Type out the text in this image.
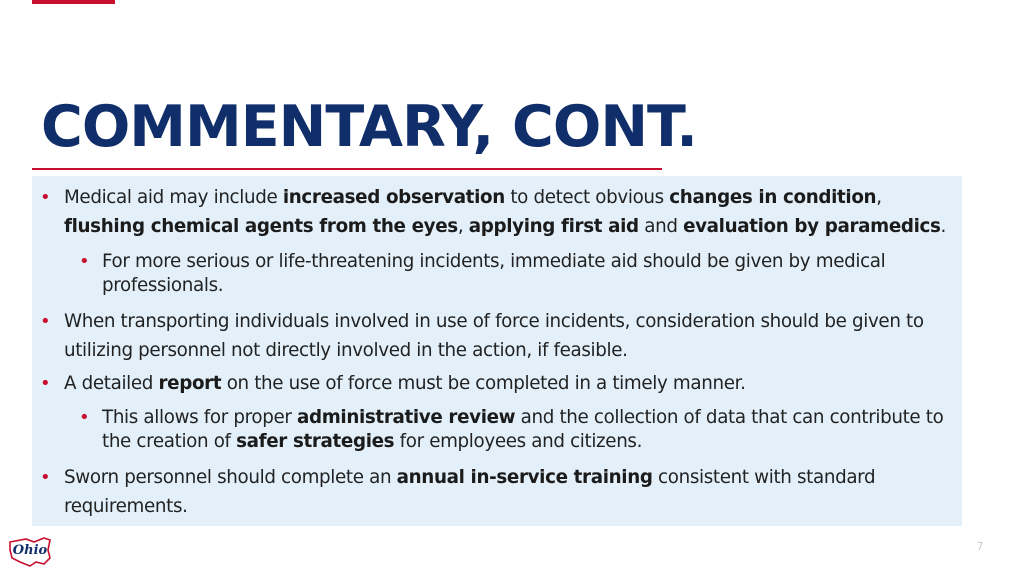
COMMENTARY, CONT.
• Medical aid may include increased observation to detect obvious changes in condition, flushing chemical agents from the eyes, applying first aid and evaluation by paramedics.
• For more serious or life-threatening incidents, immediate aid should be given by medical professionals.
• When transporting individuals involved in use of force incidents, consideration should be given to utilizing personnel not directly involved in the action, if feasible.
• A detailed report on the use of force must be completed in a timely manner.
• This allows for proper administrative review and the collection of data that can contribute to the creation of safer strategies for employees and citizens.
• Sworn personnel should complete an annual in-service training consistent with standard requirements.
Ohio	7
